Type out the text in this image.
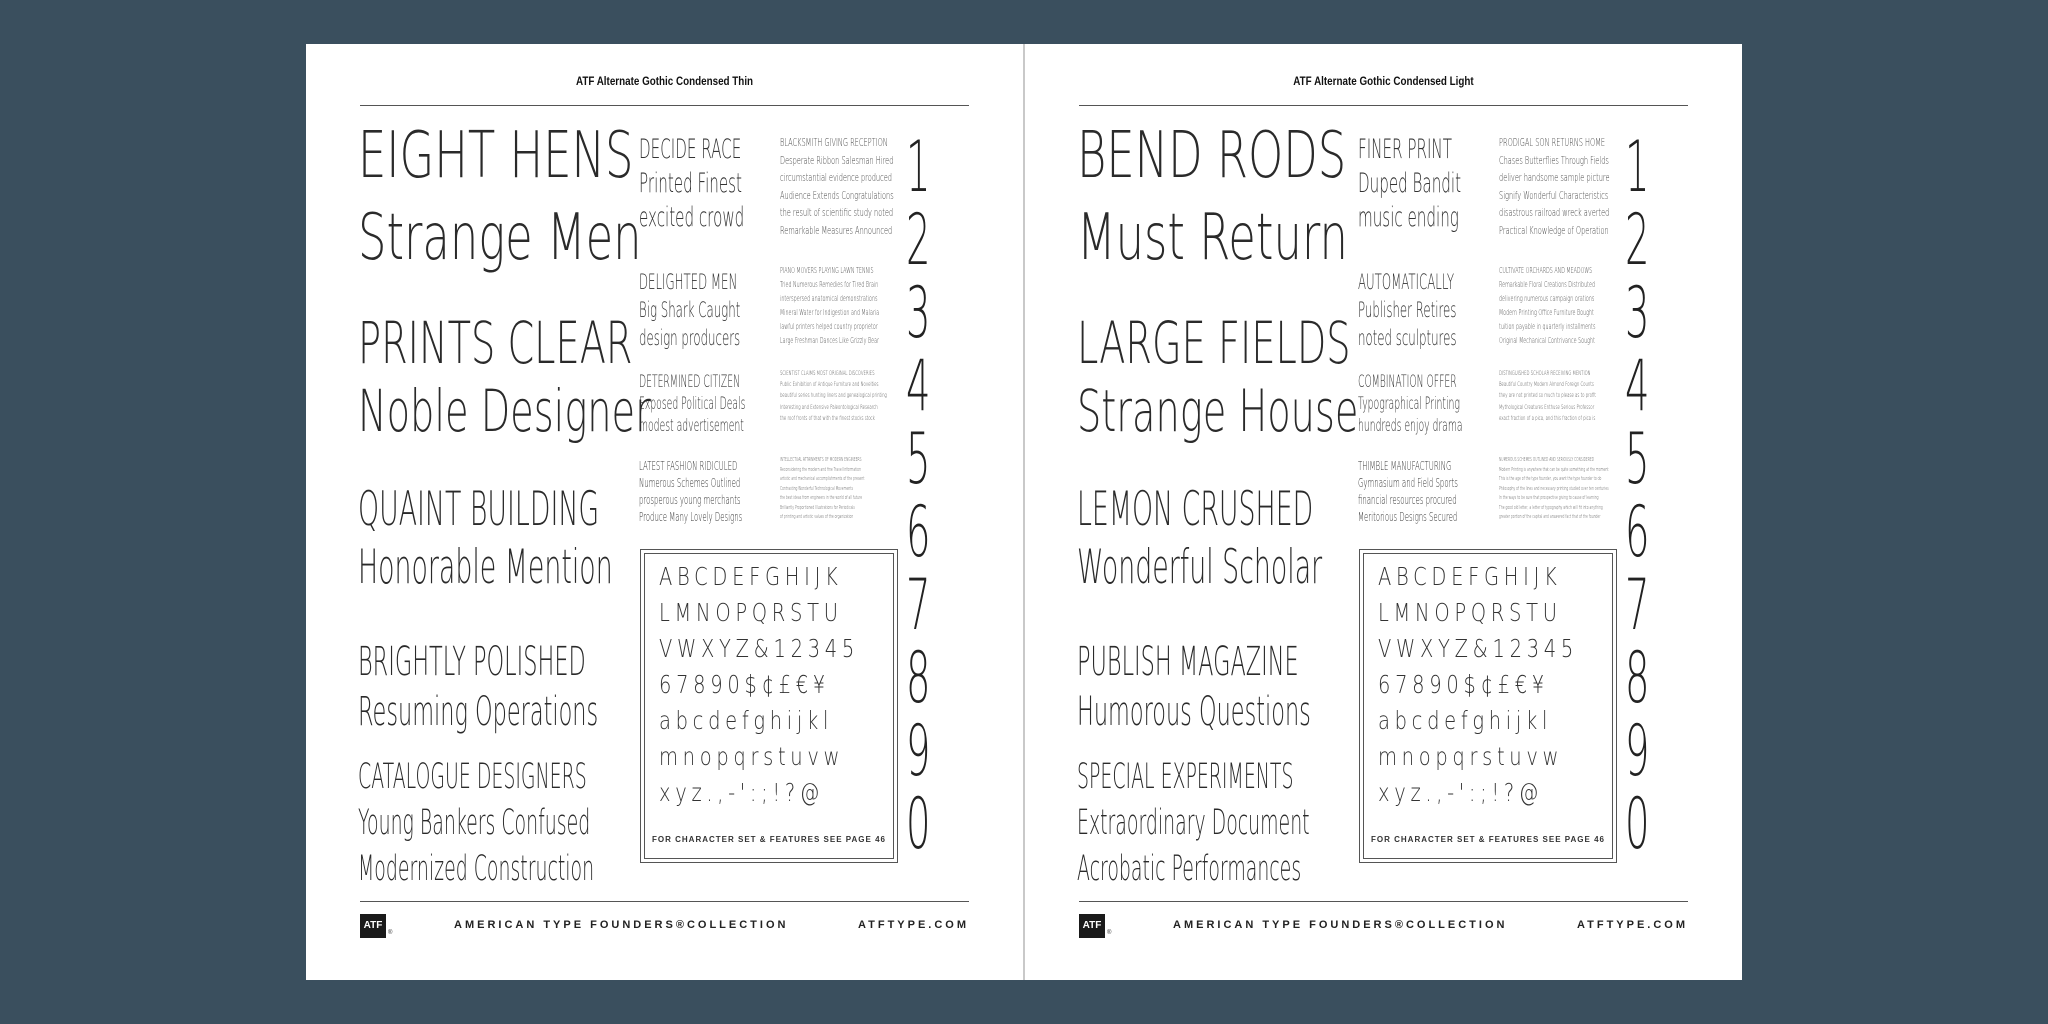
ATF Alternate Gothic Condensed Thin
EIGHT HENS
Strange Men
PRINTS CLEAR
Noble Designer
QUAINT BUILDING
Honorable Mention
BRIGHTLY POLISHED
Resuming Operations
CATALOGUE DESIGNERS
Young Bankers Confused
Modernized Construction
DECIDE RACE
Printed Finest
excited crowd
DELIGHTED MEN
Big Shark Caught
design producers
DETERMINED CITIZEN
Exposed Political Deals
modest advertisement
LATEST FASHION RIDICULED
Numerous Schemes Outlined
prosperous young merchants
Produce Many Lovely Designs
BLACKSMITH GIVING RECEPTION
Desperate Ribbon Salesman Hired
circumstantial evidence produced
Audience Extends Congratulations
the result of scientific study noted
Remarkable Measures Announced
PIANO MOVERS PLAYING LAWN TENNIS
Tried Numerous Remedies for Tired Brain
interspersed anatomical demonstrations
Mineral Water for Indigestion and Malaria
lawful printers helped country proprietor
Large Freshman Dances Like Grizzly Bear
SCIENTIST CLAIMS MOST ORIGINAL DISCOVERIES
Public Exhibition of Antique Furniture and Novelties
beautiful series hunting liners and genealogical printing
Interesting and Extensive Paleontological Research
the roof fronts of that with the finest stocks stock
INTELLECTUAL ATTAINMENTS OF MODERN ENGINEERS
Reconsidering the modern and fine Travel Information
artistic and mechanical accomplishments of the present
Contrasting Wonderful Technological Movements
the best ideas from engineers in the world of all future
Brilliantly Proportioned Illustrations for Periodicals
of printing and artistic values of the organization
ABCDEFGHIJK
LMNOPQRSTU
VWXYZ&12345
67890$¢£€¥
abcdefghijkl
mnopqrstuvw
xyz.,-':;!?@
FOR CHARACTER SET & FEATURES SEE PAGE 46
1
2
3
4
5
6
7
8
9
0
ATF
®
AMERICAN TYPE FOUNDERS®COLLECTION	ATFTYPE.COM
ATF Alternate Gothic Condensed Light
BEND RODS
Must Return
LARGE FIELDS
Strange House
LEMON CRUSHED
Wonderful Scholar
PUBLISH MAGAZINE
Humorous Questions
SPECIAL EXPERIMENTS
Extraordinary Document
Acrobatic Performances
FINER PRINT
Duped Bandit
music ending
AUTOMATICALLY
Publisher Retires
noted sculptures
COMBINATION OFFER
Typographical Printing
hundreds enjoy drama
THIMBLE MANUFACTURING
Gymnasium and Field Sports
financial resources procured
Meritorious Designs Secured
PRODIGAL SON RETURNS HOME
Chases Butterflies Through Fields
deliver handsome sample picture
Signify Wonderful Characteristics
disastrous railroad wreck averted
Practical Knowledge of Operation
CULTIVATE ORCHARDS AND MEADOWS
Remarkable Floral Creations Distributed
delivering numerous campaign orations
Modern Printing Office Furniture Bought
tuition payable in quarterly installments
Original Mechanical Contrivance Sought
DISTINGUISHED SCHOLAR RECEIVING MENTION
Beautiful Country Modern Almond Foreign Counts
they are not printed so much to please as to profit
Mythological Creatures Enthuse Serious Professor
exact fraction of a pica, and this fraction of pica is
NUMEROUS SCHEMES OUTLINED AND SERIOUSLY CONSIDERED
Modern Printing is anywhere that can be quite something at the moment
This is the age of the type founder, you want the type founder to do
Philosophy of the lines and necessary printing studied over ten centuries
In the ways to be sure that prospective giving to cause of learning
The good old letter, a letter of typography which will fit into anything
greater portion of the capital and answered fact that of the founder
ABCDEFGHIJK
LMNOPQRSTU
VWXYZ&12345
67890$¢£€¥
abcdefghijkl
mnopqrstuvw
xyz.,-':;!?@
FOR CHARACTER SET & FEATURES SEE PAGE 46
1
2
3
4
5
6
7
8
9
0
ATF
®
AMERICAN TYPE FOUNDERS®COLLECTION	ATFTYPE.COM
